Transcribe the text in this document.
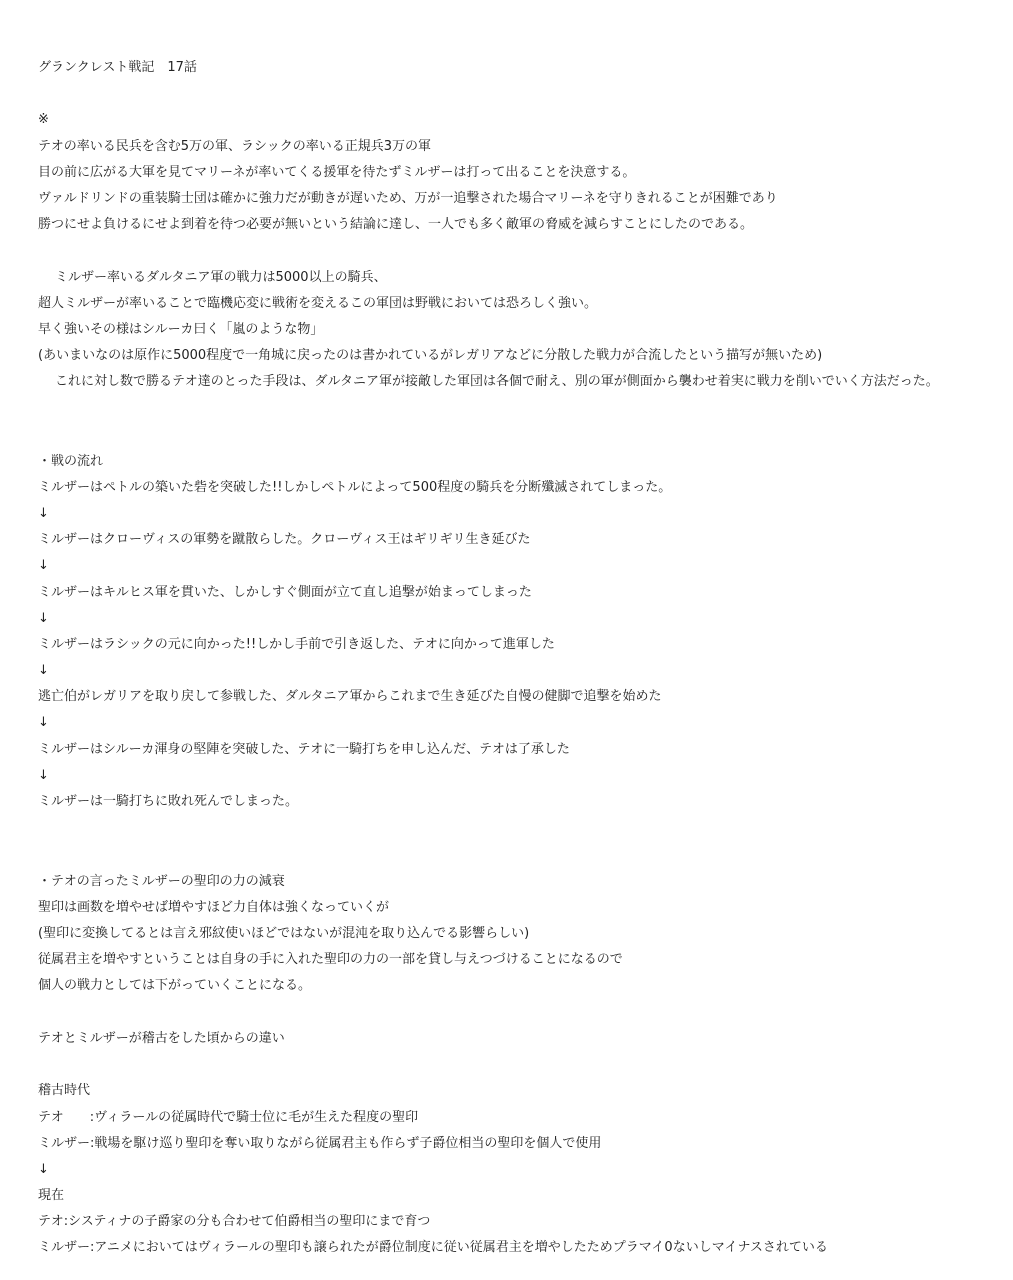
グランクレスト戦記　17話
※
テオの率いる民兵を含む5万の軍、ラシックの率いる正規兵3万の軍
目の前に広がる大軍を見てマリーネが率いてくる援軍を待たずミルザーは打って出ることを決意する。
ヴァルドリンドの重装騎士団は確かに強力だが動きが遅いため、万が一追撃された場合マリーネを守りきれることが困難であり
勝つにせよ負けるにせよ到着を待つ必要が無いという結論に達し、一人でも多く敵軍の脅威を減らすことにしたのである。
ミルザー率いるダルタニア軍の戦力は5000以上の騎兵、
超人ミルザーが率いることで臨機応変に戦術を変えるこの軍団は野戦においては恐ろしく強い。
早く強いその様はシルーカ曰く「嵐のような物」
(あいまいなのは原作に5000程度で一角城に戻ったのは書かれているがレガリアなどに分散した戦力が合流したという描写が無いため)
これに対し数で勝るテオ達のとった手段は、ダルタニア軍が接敵した軍団は各個で耐え、別の軍が側面から襲わせ着実に戦力を削いでいく方法だった。
・戦の流れ
ミルザーはペトルの築いた砦を突破した!!しかしペトルによって500程度の騎兵を分断殲滅されてしまった。
↓
ミルザーはクローヴィスの軍勢を蹴散らした。クローヴィス王はギリギリ生き延びた
↓
ミルザーはキルヒス軍を貫いた、しかしすぐ側面が立て直し追撃が始まってしまった
↓
ミルザーはラシックの元に向かった!!しかし手前で引き返した、テオに向かって進軍した
↓
逃亡伯がレガリアを取り戻して参戦した、ダルタニア軍からこれまで生き延びた自慢の健脚で追撃を始めた
↓
ミルザーはシルーカ渾身の堅陣を突破した、テオに一騎打ちを申し込んだ、テオは了承した
↓
ミルザーは一騎打ちに敗れ死んでしまった。
・テオの言ったミルザーの聖印の力の減衰
聖印は画数を増やせば増やすほど力自体は強くなっていくが
(聖印に変換してるとは言え邪紋使いほどではないが混沌を取り込んでる影響らしい)
従属君主を増やすということは自身の手に入れた聖印の力の一部を貸し与えつづけることになるので
個人の戦力としては下がっていくことになる。
テオとミルザーが稽古をした頃からの違い
稽古時代
テオ　　:ヴィラールの従属時代で騎士位に毛が生えた程度の聖印
ミルザー:戦場を駆け巡り聖印を奪い取りながら従属君主も作らず子爵位相当の聖印を個人で使用
↓
現在
テオ:システィナの子爵家の分も合わせて伯爵相当の聖印にまで育つ
ミルザー:アニメにおいてはヴィラールの聖印も譲られたが爵位制度に従い従属君主を増やしたためプラマイ0ないしマイナスされている
